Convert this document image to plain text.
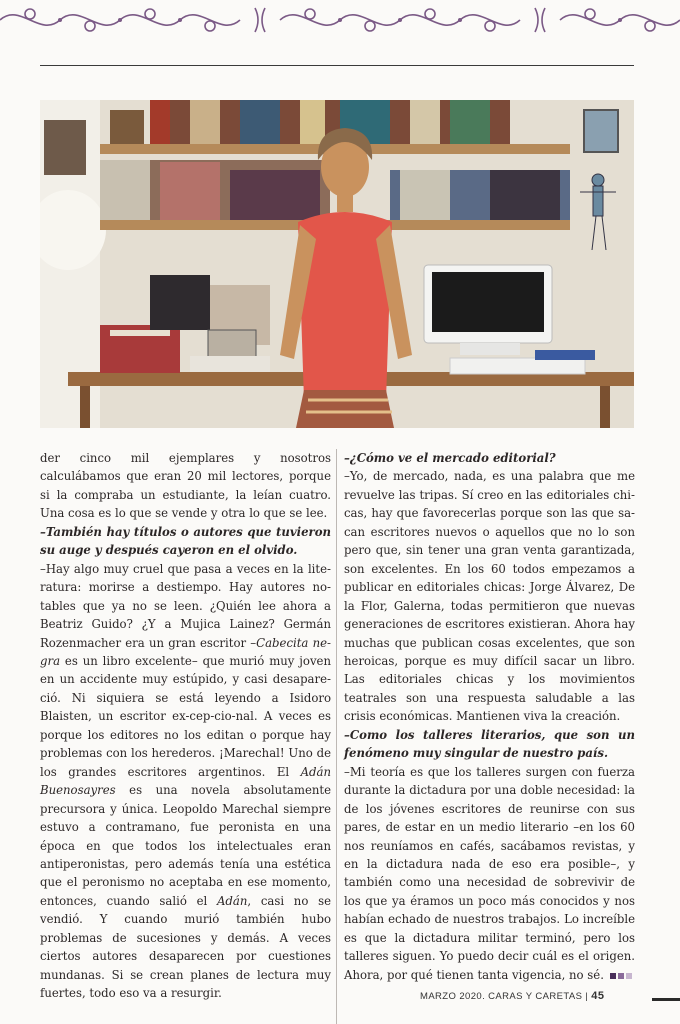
der cinco mil ejemplares y nosotros calculábamos que eran 20 mil lectores, porque si la compraba un estudiante, la leían cuatro. Una cosa es lo que se vende y otra lo que se lee.

–También hay títulos o autores que tuvieron su auge y después cayeron en el olvido.

–Hay algo muy cruel que pasa a veces en la literatura: morirse a destiempo. Hay autores notables que ya no se leen. ¿Quién lee ahora a Beatriz Guido? ¿Y a Mujica Lainez? Germán Rozenmacher era un gran escritor –Cabecita negra es un libro excelente– que murió muy joven en un accidente muy estúpido, y casi desapareció. Ni siquiera se está leyendo a Isidoro Blaisten, un escritor ex-cep-cio-nal. A veces es porque los editores no los editan o porque hay problemas con los herederos. ¡Marechal! Uno de los grandes escritores argentinos. El Adán Buenosayres es una novela absolutamente precursora y única. Leopoldo Marechal siempre estuvo a contramano, fue peronista en una época en que todos los intelectuales eran antiperonistas, pero además tenía una estética que el peronismo no aceptaba en ese momento, entonces, cuando salió el Adán, casi no se vendió. Y cuando murió también hubo problemas de sucesiones y demás. A veces ciertos autores desaparecen por cuestiones mundanas. Si se crean planes de lectura muy fuertes, todo eso va a resurgir.

–¿Cómo ve el mercado editorial?

–Yo, de mercado, nada, es una palabra que me revuelve las tripas. Sí creo en las editoriales chicas, hay que favorecerlas porque son las que sacan escritores nuevos o aquellos que no lo son pero que, sin tener una gran venta garantizada, son excelentes. En los 60 todos empezamos a publicar en editoriales chicas: Jorge Álvarez, De la Flor, Galerna, todas permitieron que nuevas generaciones de escritores existieran. Ahora hay muchas que publican cosas excelentes, que son heroicas, porque es muy difícil sacar un libro. Las editoriales chicas y los movimientos teatrales son una respuesta saludable a las crisis económicas. Mantienen viva la creación.

–Como los talleres literarios, que son un fenómeno muy singular de nuestro país.

–Mi teoría es que los talleres surgen con fuerza durante la dictadura por una doble necesidad: la de los jóvenes escritores de reunirse con sus pares, de estar en un medio literario –en los 60 nos reuníamos en cafés, sacábamos revistas, y en la dictadura nada de eso era posible–, y también como una necesidad de sobrevivir de los que ya éramos un poco más conocidos y nos habían echado de nuestros trabajos. Lo increíble es que la dictadura militar terminó, pero los talleres siguen. Yo puedo decir cuál es el origen. Ahora, por qué tienen tanta vigencia, no sé.

MARZO 2020. CARAS Y CARETAS | 45
